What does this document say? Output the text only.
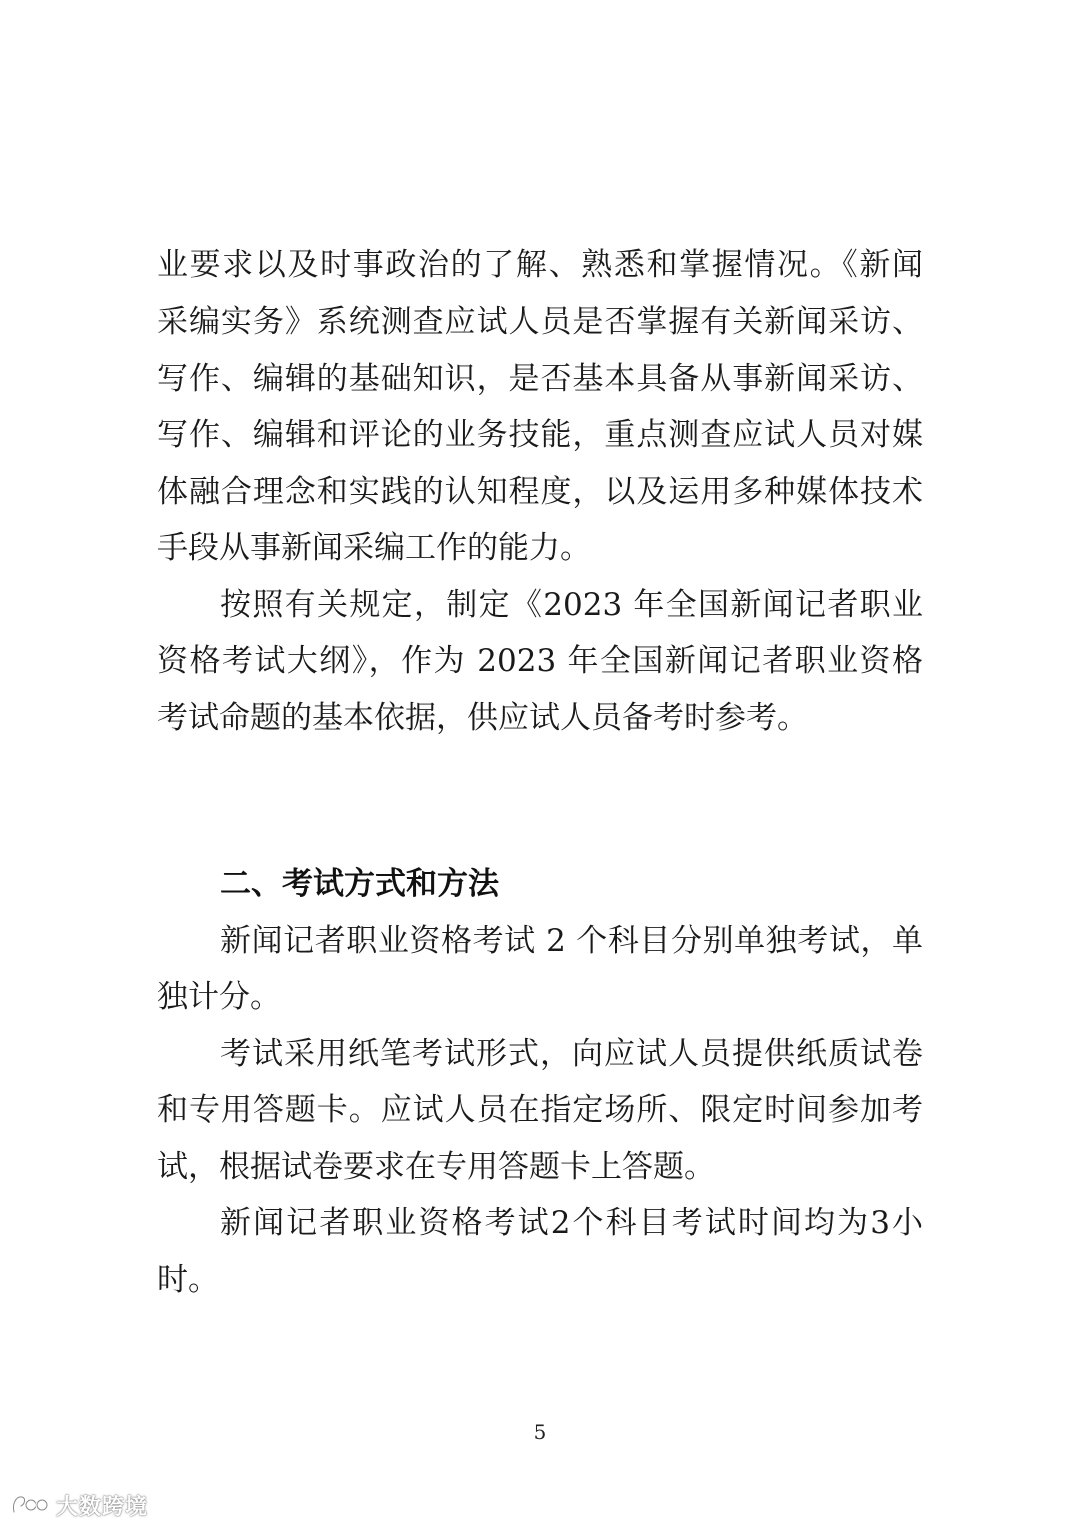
业要求以及时事政治的了解、熟悉和掌握情况。《新闻
采编实务》系统测查应试人员是否掌握有关新闻采访、
写作、编辑的基础知识，是否基本具备从事新闻采访、
写作、编辑和评论的业务技能，重点测查应试人员对媒
体融合理念和实践的认知程度，以及运用多种媒体技术
手段从事新闻采编工作的能力。
按照有关规定，制定《2023 年全国新闻记者职业
资格考试大纲》，作为 2023 年全国新闻记者职业资格
考试命题的基本依据，供应试人员备考时参考。
二、考试方式和方法
新闻记者职业资格考试 2 个科目分别单独考试，单
独计分。
考试采用纸笔考试形式，向应试人员提供纸质试卷
和专用答题卡。应试人员在指定场所、限定时间参加考
试，根据试卷要求在专用答题卡上答题。
新闻记者职业资格考试2个科目考试时间均为3小
时。
5
大数跨境
